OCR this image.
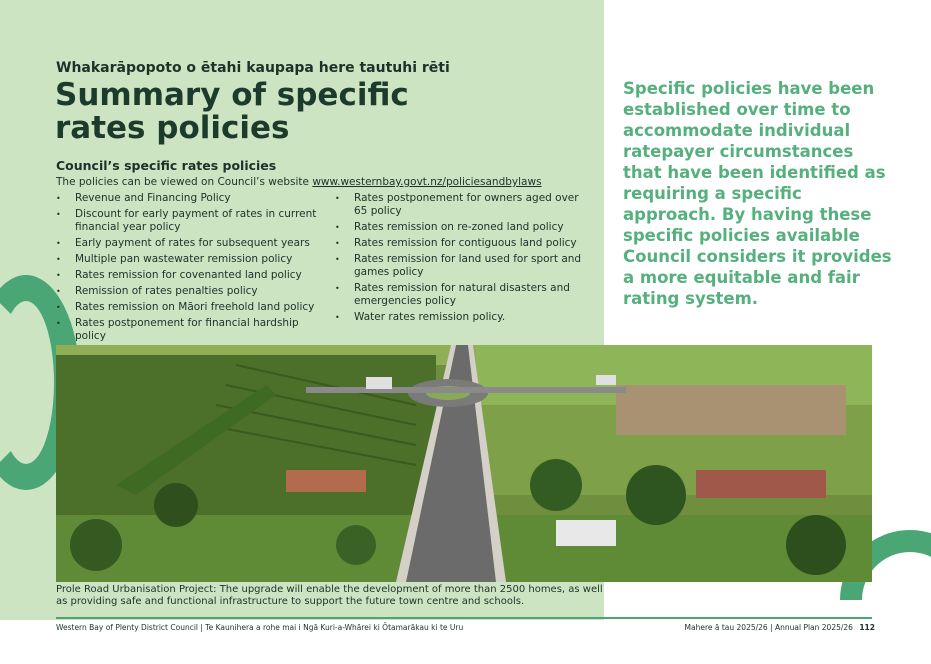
Whakarāpopoto o ētahi kaupapa here tautuhi rēti
Summary of specific rates policies
Council’s specific rates policies
The policies can be viewed on Council’s website www.westernbay.govt.nz/policiesandbylaws
• Revenue and Financing Policy
• Discount for early payment of rates in current financial year policy
• Early payment of rates for subsequent years
• Multiple pan wastewater remission policy
• Rates remission for covenanted land policy
• Remission of rates penalties policy
• Rates remission on Māori freehold land policy
• Rates postponement for financial hardship policy
• Rates postponement for owners aged over 65 policy
• Rates remission on re-zoned land policy
• Rates remission for contiguous land policy
• Rates remission for land used for sport and games policy
• Rates remission for natural disasters and emergencies policy
• Water rates remission policy.
Specific policies have been established over time to accommodate individual ratepayer circumstances that have been identified as requiring a specific approach. By having these specific policies available Council considers it provides a more equitable and fair rating system.

Prole Road Urbanisation Project: The upgrade will enable the development of more than 2500 homes, as well as providing safe and functional infrastructure to support the future town centre and schools.

Western Bay of Plenty District Council | Te Kaunihera a rohe mai i Ngā Kuri-a-Whārei ki Ōtamarākau ki te Uru	Mahere ā tau 2025/26 | Annual Plan 2025/26 112
